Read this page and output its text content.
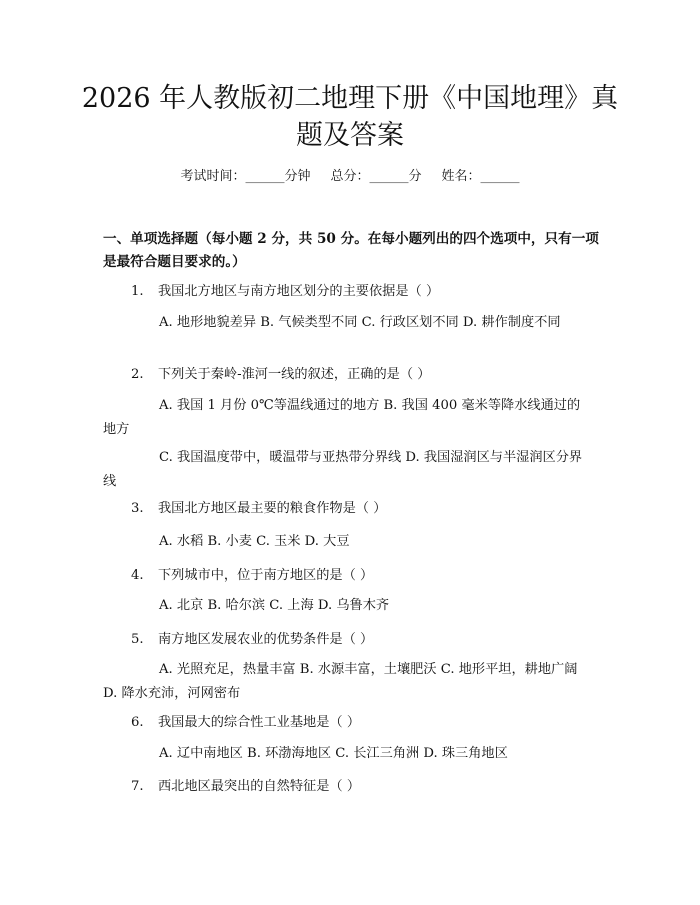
2026 年人教版初二地理下册《中国地理》真
题及答案
考试时间：______分钟 总分：______分 姓名：______

一、单项选择题（每小题 2 分，共 50 分。在每小题列出的四个选项中，只有一项是最符合题目要求的。）

1. 我国北方地区与南方地区划分的主要依据是（ ）

A. 地形地貌差异 B. 气候类型不同 C. 行政区划不同 D. 耕作制度不同

2. 下列关于秦岭-淮河一线的叙述，正确的是（ ）

A. 我国 1 月份 0℃等温线通过的地方 B. 我国 400 毫米等降水线通过的地方

C. 我国温度带中，暖温带与亚热带分界线 D. 我国湿润区与半湿润区分界线

3. 我国北方地区最主要的粮食作物是（ ）

A. 水稻 B. 小麦 C. 玉米 D. 大豆

4. 下列城市中，位于南方地区的是（ ）

A. 北京 B. 哈尔滨 C. 上海 D. 乌鲁木齐

5. 南方地区发展农业的优势条件是（ ）

A. 光照充足，热量丰富 B. 水源丰富，土壤肥沃 C. 地形平坦，耕地广阔 D. 降水充沛，河网密布

6. 我国最大的综合性工业基地是（ ）

A. 辽中南地区 B. 环渤海地区 C. 长江三角洲 D. 珠三角地区

7. 西北地区最突出的自然特征是（ ）
